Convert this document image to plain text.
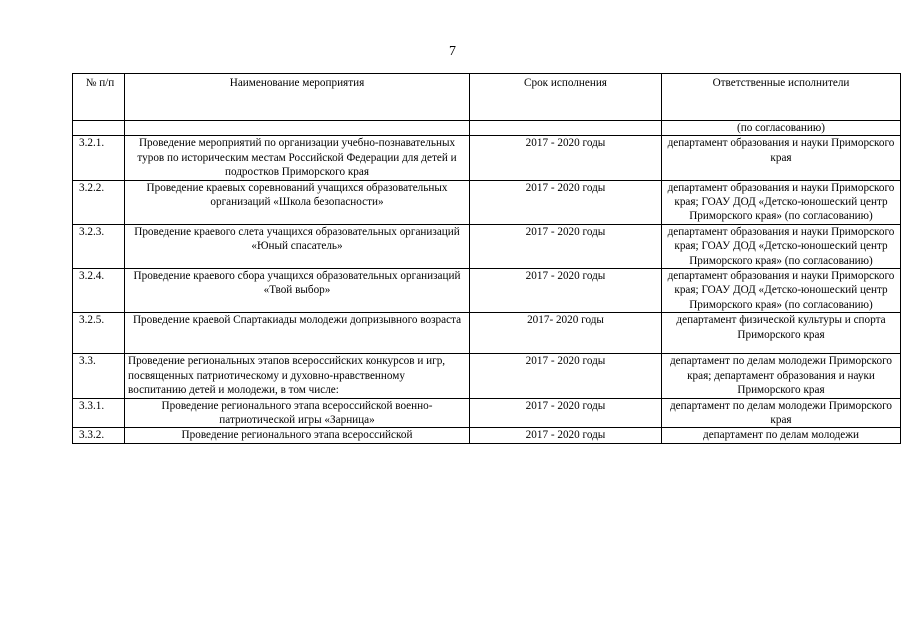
7
№ п/п	Наименование мероприятия	Срок исполнения	Ответственные исполнители
			(по согласованию)
3.2.1.	Проведение мероприятий по организации учебно-познавательных туров по историческим местам Российской Федерации для детей и подростков Приморского края	2017 - 2020 годы	департамент образования и науки Приморского края
3.2.2.	Проведение краевых соревнований учащихся образовательных организаций «Школа безопасности»	2017 - 2020 годы	департамент образования и науки Приморского края; ГОАУ ДОД «Детско-юношеский центр Приморского края» (по согласованию)
3.2.3.	Проведение краевого слета учащихся образовательных организаций «Юный спасатель»	2017 - 2020 годы	департамент образования и науки Приморского края; ГОАУ ДОД «Детско-юношеский центр Приморского края» (по согласованию)
3.2.4.	Проведение краевого сбора учащихся образовательных организаций «Твой выбор»	2017 - 2020 годы	департамент образования и науки Приморского края; ГОАУ ДОД «Детско-юношеский центр Приморского края» (по согласованию)
3.2.5.	Проведение краевой Спартакиады молодежи допризывного возраста	2017- 2020 годы	департамент физической культуры и спорта Приморского края
3.3.	Проведение региональных этапов всероссийских конкурсов и игр, посвященных патриотическому и духовно-нравственному воспитанию детей и молодежи, в том числе:	2017 - 2020 годы	департамент по делам молодежи Приморского края; департамент образования и науки Приморского края
3.3.1.	Проведение регионального этапа всероссийской военно-патриотической игры «Зарница»	2017 - 2020 годы	департамент по делам молодежи Приморского края
3.3.2.	Проведение регионального этапа всероссийской	2017 - 2020 годы	департамент по делам молодежи
